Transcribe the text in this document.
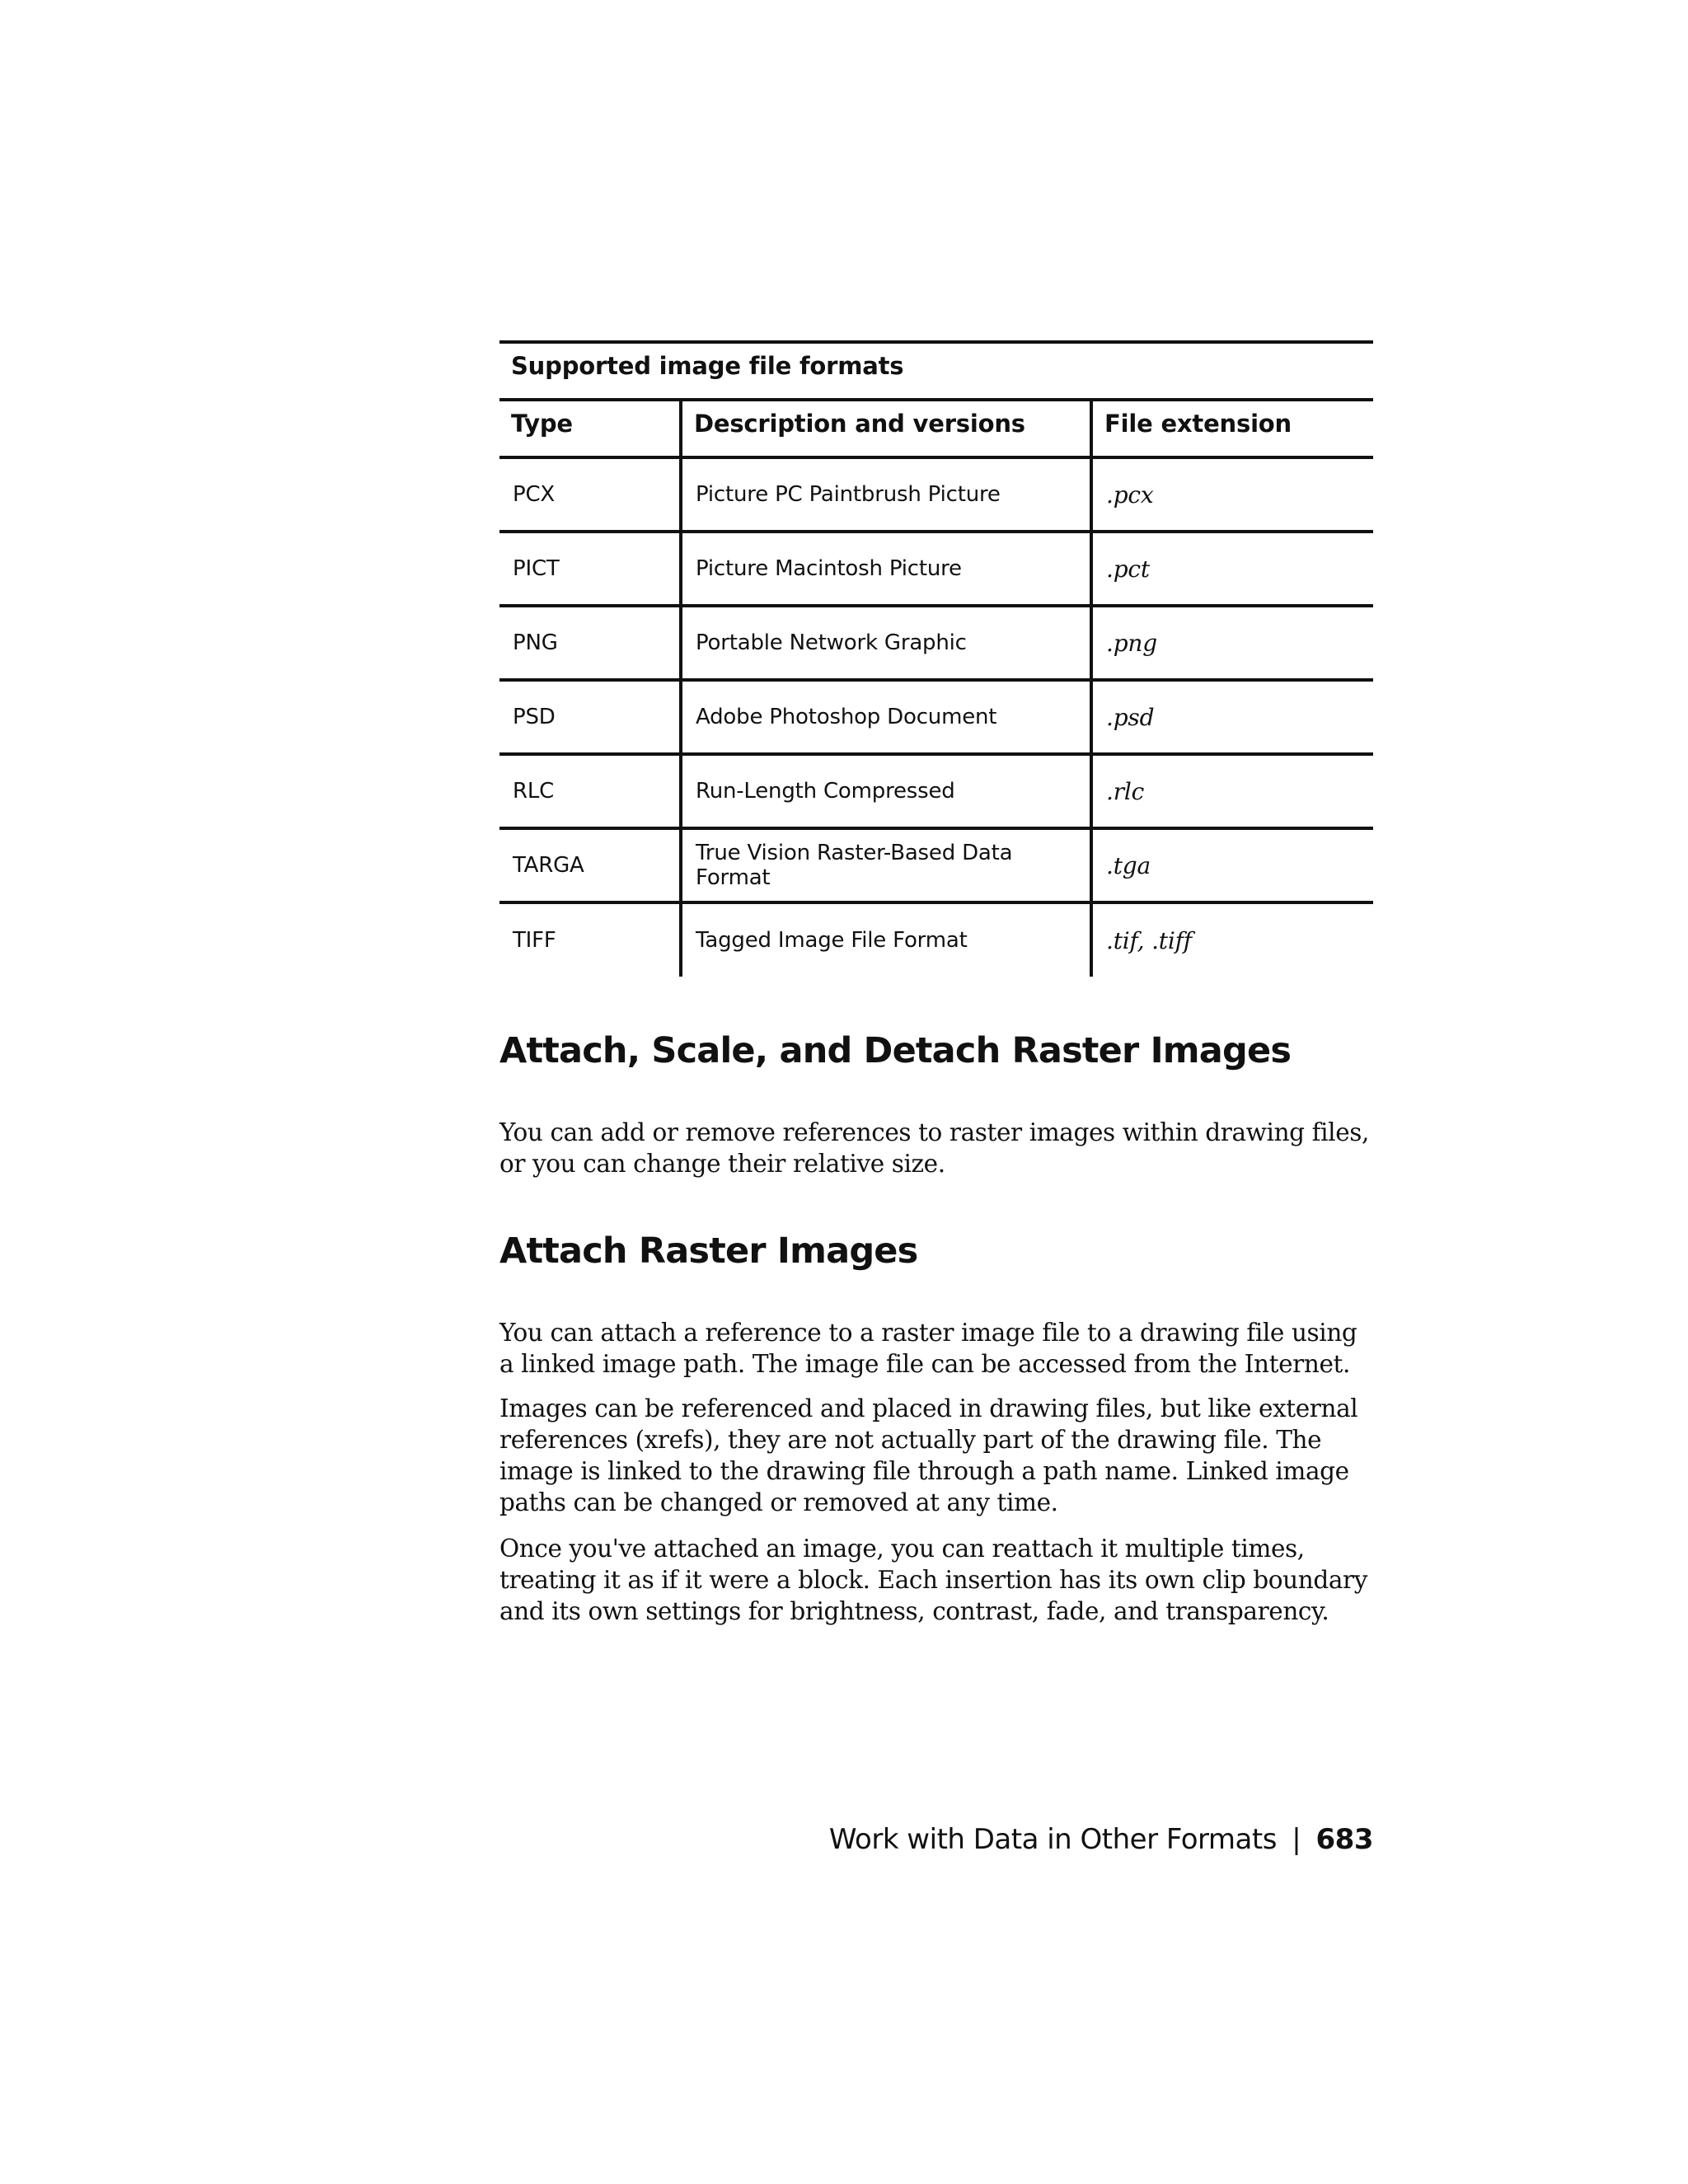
Supported image file formats
Type	Description and versions	File extension
PCX	Picture PC Paintbrush Picture	.pcx
PICT	Picture Macintosh Picture	.pct
PNG	Portable Network Graphic	.png
PSD	Adobe Photoshop Document	.psd
RLC	Run-Length Compressed	.rlc
TARGA	True Vision Raster-Based Data Format	.tga
TIFF	Tagged Image File Format	.tif, .tiff
Attach, Scale, and Detach Raster Images

You can add or remove references to raster images within drawing files, or you can change their relative size.

Attach Raster Images

You can attach a reference to a raster image file to a drawing file using a linked image path. The image file can be accessed from the Internet.

Images can be referenced and placed in drawing files, but like external references (xrefs), they are not actually part of the drawing file. The image is linked to the drawing file through a path name. Linked image paths can be changed or removed at any time.

Once you've attached an image, you can reattach it multiple times, treating it as if it were a block. Each insertion has its own clip boundary and its own settings for brightness, contrast, fade, and transparency.

Work with Data in Other Formats | 683
